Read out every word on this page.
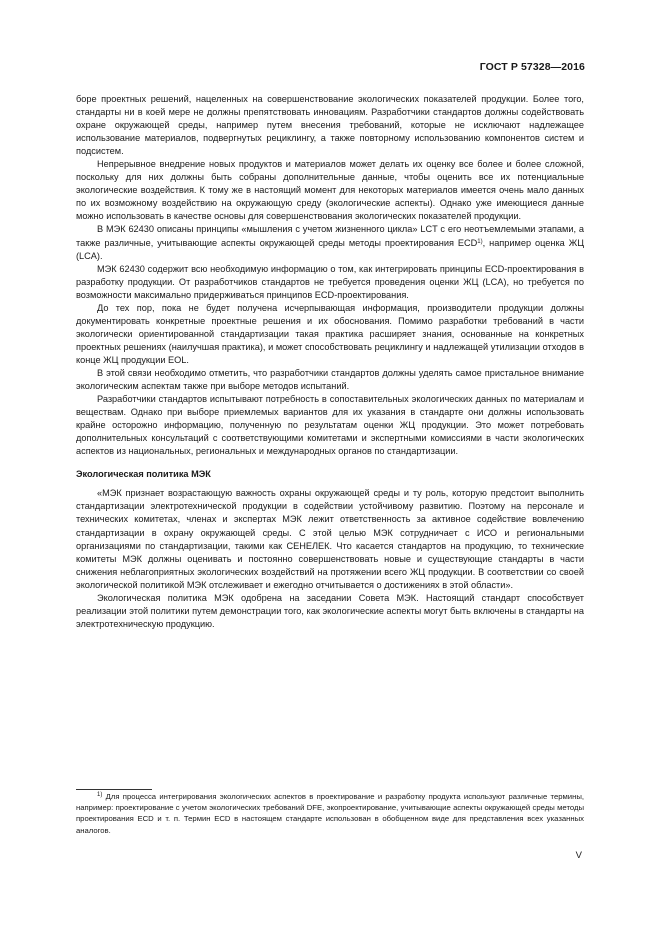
ГОСТ Р 57328—2016

боре проектных решений, нацеленных на совершенствование экологических показателей продукции. Более того, стандарты ни в коей мере не должны препятствовать инновациям. Разработчики стандартов должны содействовать охране окружающей среды, например путем внесения требований, которые не исключают надлежащее использование материалов, подвергнутых рециклингу, а также повторному использованию компонентов систем и подсистем.

Непрерывное внедрение новых продуктов и материалов может делать их оценку все более и более сложной, поскольку для них должны быть собраны дополнительные данные, чтобы оценить все их потенциальные экологические воздействия. К тому же в настоящий момент для некоторых материалов имеется очень мало данных по их возможному воздействию на окружающую среду (экологические аспекты). Однако уже имеющиеся данные можно использовать в качестве основы для совершенствования экологических показателей продукции.

В МЭК 62430 описаны принципы «мышления с учетом жизненного цикла» LCT с его неотъемлемыми этапами, а также различные, учитывающие аспекты окружающей среды методы проектирования ECD$^{1)}$, например оценка ЖЦ (LCA).

МЭК 62430 содержит всю необходимую информацию о том, как интегрировать принципы ECD-проектирования в разработку продукции. От разработчиков стандартов не требуется проведения оценки ЖЦ (LCA), но требуется по возможности максимально придерживаться принципов ECD-проектирования.

До тех пор, пока не будет получена исчерпывающая информация, производители продукции должны документировать конкретные проектные решения и их обоснования. Помимо разработки требований в части экологически ориентированной стандартизации такая практика расширяет знания, основанные на конкретных проектных решениях (наилучшая практика), и может способствовать рециклингу и надлежащей утилизации отходов в конце ЖЦ продукции EOL.

В этой связи необходимо отметить, что разработчики стандартов должны уделять самое пристальное внимание экологическим аспектам также при выборе методов испытаний.

Разработчики стандартов испытывают потребность в сопоставительных экологических данных по материалам и веществам. Однако при выборе приемлемых вариантов для их указания в стандарте они должны использовать крайне осторожно информацию, полученную по результатам оценки ЖЦ продукции. Это может потребовать дополнительных консультаций с соответствующими комитетами и экспертными комиссиями в части экологических аспектов из национальных, региональных и международных органов по стандартизации.

Экологическая политика МЭК

«МЭК признает возрастающую важность охраны окружающей среды и ту роль, которую предстоит выполнить стандартизации электротехнической продукции в содействии устойчивому развитию. Поэтому на персонале и технических комитетах, членах и экспертах МЭК лежит ответственность за активное содействие вовлечению стандартизации в охрану окружающей среды. С этой целью МЭК сотрудничает с ИСО и региональными организациями по стандартизации, такими как СЕНЕЛЕК. Что касается стандартов на продукцию, то технические комитеты МЭК должны оценивать и постоянно совершенствовать новые и существующие стандарты в части снижения неблагоприятных экологических воздействий на протяжении всего ЖЦ продукции. В соответствии со своей экологической политикой МЭК отслеживает и ежегодно отчитывается о достижениях в этой области».

Экологическая политика МЭК одобрена на заседании Совета МЭК. Настоящий стандарт способствует реализации этой политики путем демонстрации того, как экологические аспекты могут быть включены в стандарты на электротехническую продукцию.

$^{1)}$ Для процесса интегрирования экологических аспектов в проектирование и разработку продукта используют различные термины, например: проектирование с учетом экологических требований DFE, экопроектирование, учитывающие аспекты окружающей среды методы проектирования ECD и т. п. Термин ECD в настоящем стандарте использован в обобщенном виде для представления всех указанных аналогов.

V
